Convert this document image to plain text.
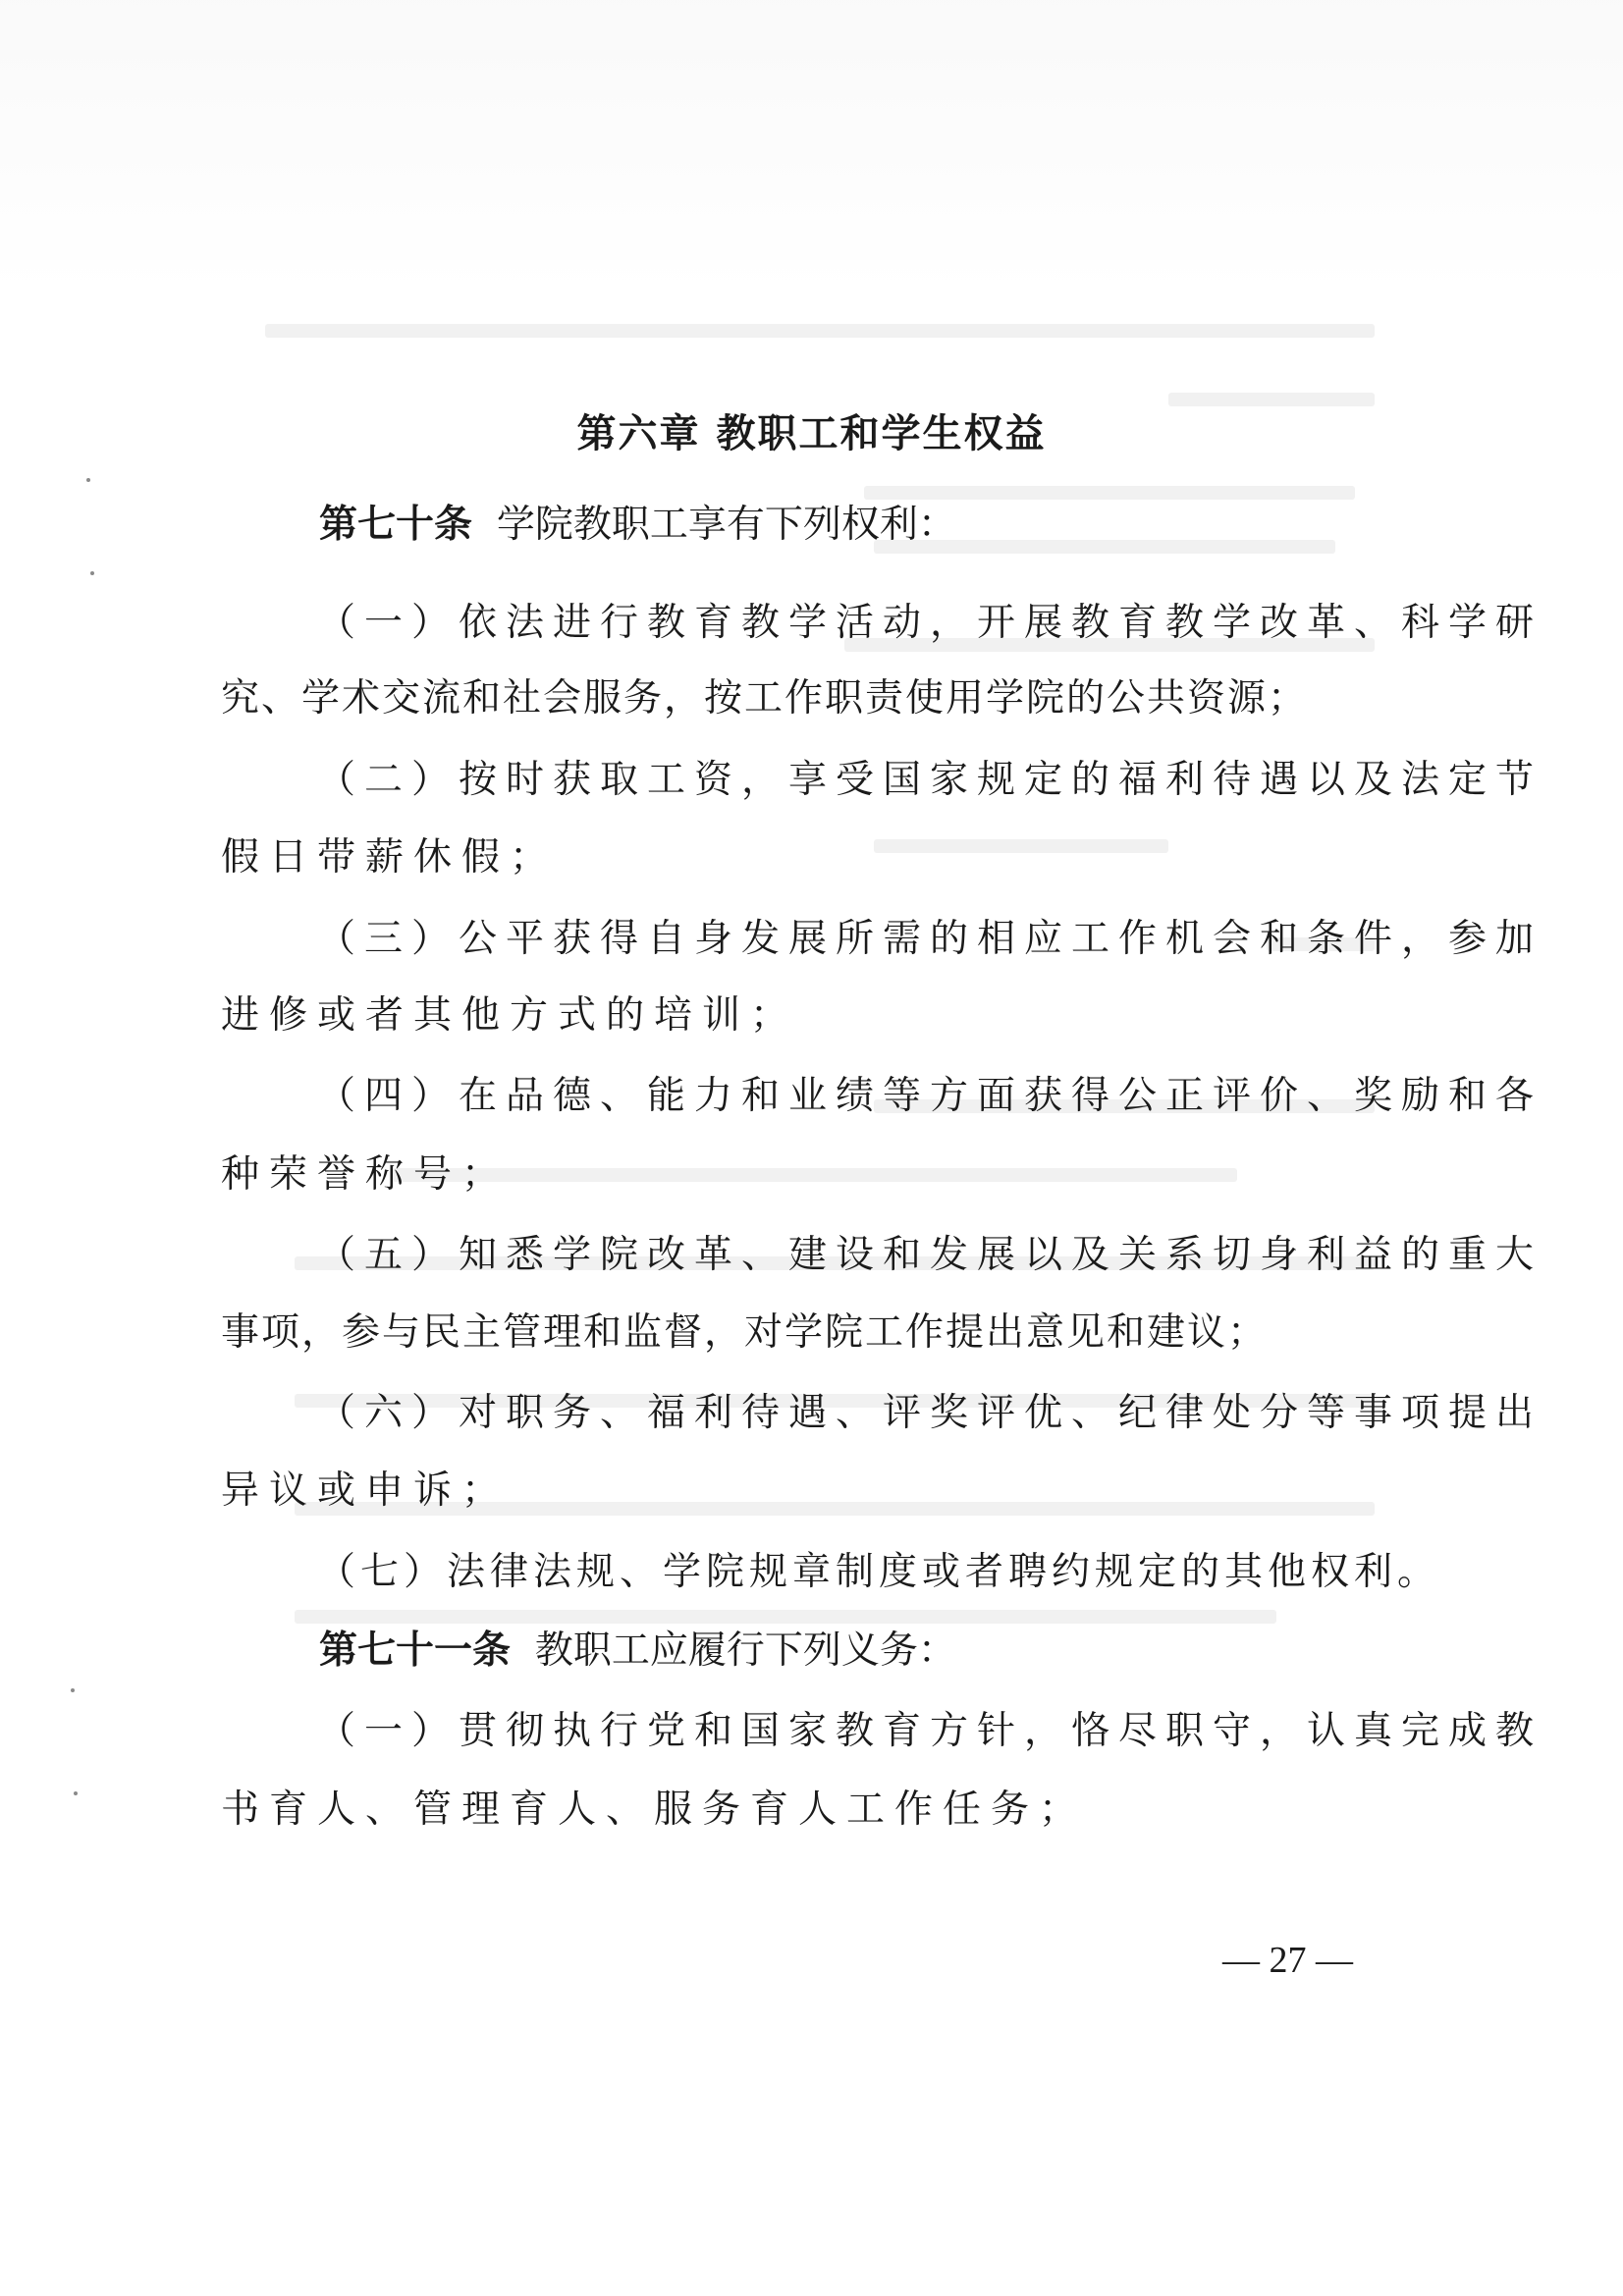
第六章 教职工和学生权益
第七十条 学院教职工享有下列权利：
（一）依法进行教育教学活动，开展教育教学改革、科学研
究、学术交流和社会服务，按工作职责使用学院的公共资源；
（二）按时获取工资，享受国家规定的福利待遇以及法定节
假日带薪休假；
（三）公平获得自身发展所需的相应工作机会和条件，参加
进修或者其他方式的培训；
（四）在品德、能力和业绩等方面获得公正评价、奖励和各
种荣誉称号；
（五）知悉学院改革、建设和发展以及关系切身利益的重大
事项，参与民主管理和监督，对学院工作提出意见和建议；
（六）对职务、福利待遇、评奖评优、纪律处分等事项提出
异议或申诉；
（七）法律法规、学院规章制度或者聘约规定的其他权利。
第七十一条 教职工应履行下列义务：
（一）贯彻执行党和国家教育方针，恪尽职守，认真完成教
书育人、管理育人、服务育人工作任务；
— 27 —
